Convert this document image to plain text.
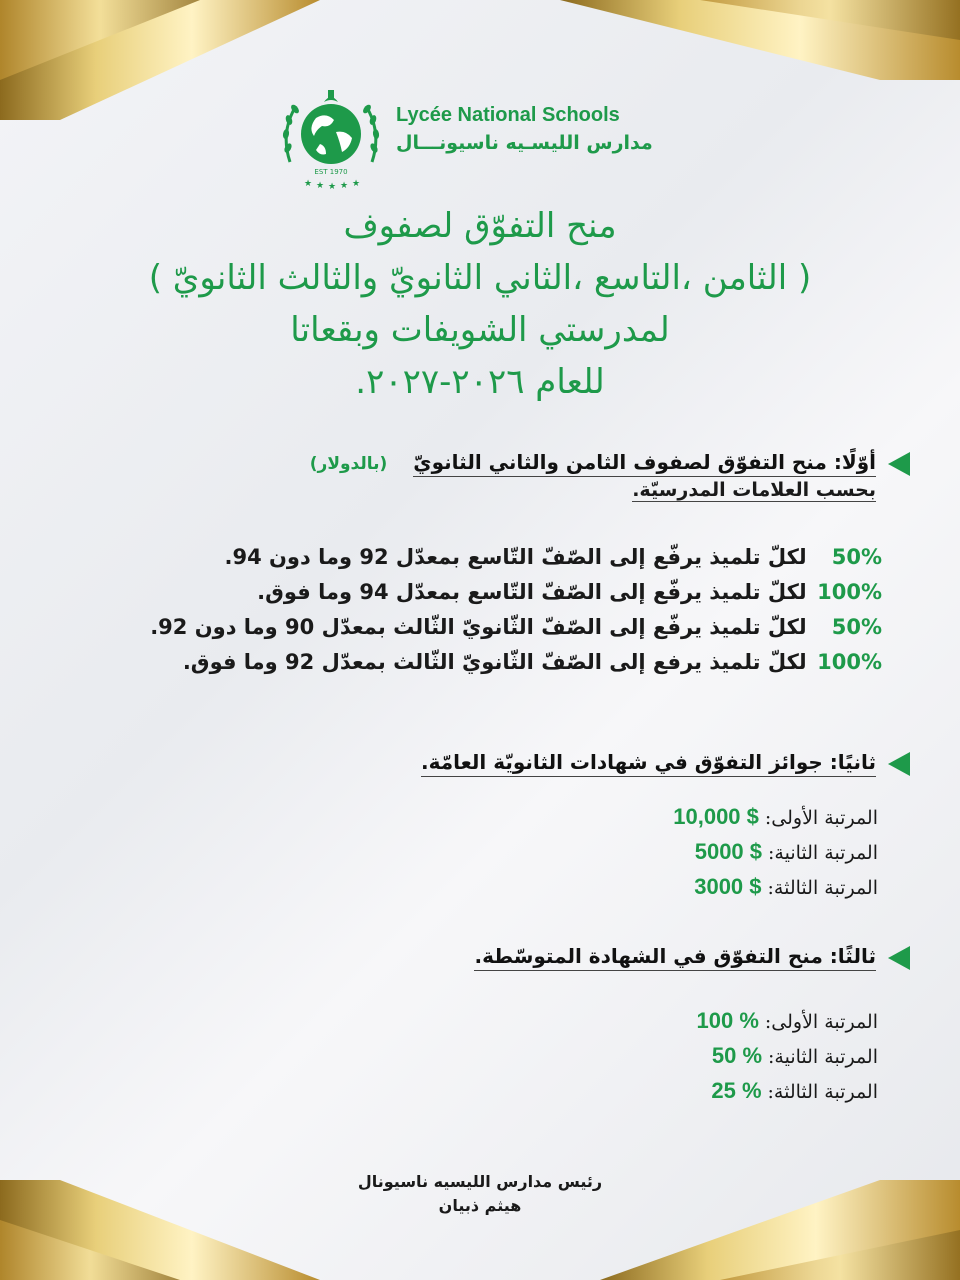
EST 1970
★ ★ ★ ★ ★
Lycée National Schools
مدارس الليسـيه ناسيونـــال
منح التفوّق لصفوف
( الثامن ،التاسع ،الثاني الثانويّ والثالث الثانويّ )
لمدرستي الشويفات وبقعاتا
للعام ٢٠٢٦-٢٠٢٧.
أوّلًا: منح التفوّق لصفوف الثامن والثاني الثانويّ
(بالدولار)
بحسب العلامات المدرسيّة.
50% لكلّ تلميذ يرفّع إلى الصّفّ التّاسع بمعدّل 92 وما دون 94.
100% لكلّ تلميذ يرفّع إلى الصّفّ التّاسع بمعدّل 94 وما فوق.
50% لكلّ تلميذ يرفّع إلى الصّفّ الثّانويّ الثّالث بمعدّل 90 وما دون 92.
100% لكلّ تلميذ يرفع إلى الصّفّ الثّانويّ الثّالث بمعدّل 92 وما فوق.
ثانيًا: جوائز التفوّق في شهادات الثانويّة العامّة.
المرتبة الأولى:10,000 $
المرتبة الثانية:5000 $
المرتبة الثالثة:3000 $
ثالثًا: منح التفوّق في الشهادة المتوسّطة.
المرتبة الأولى:100 %
المرتبة الثانية:50 %
المرتبة الثالثة:25 %
رئيس مدارس الليسيه ناسيونال
هيثم ذبيان
